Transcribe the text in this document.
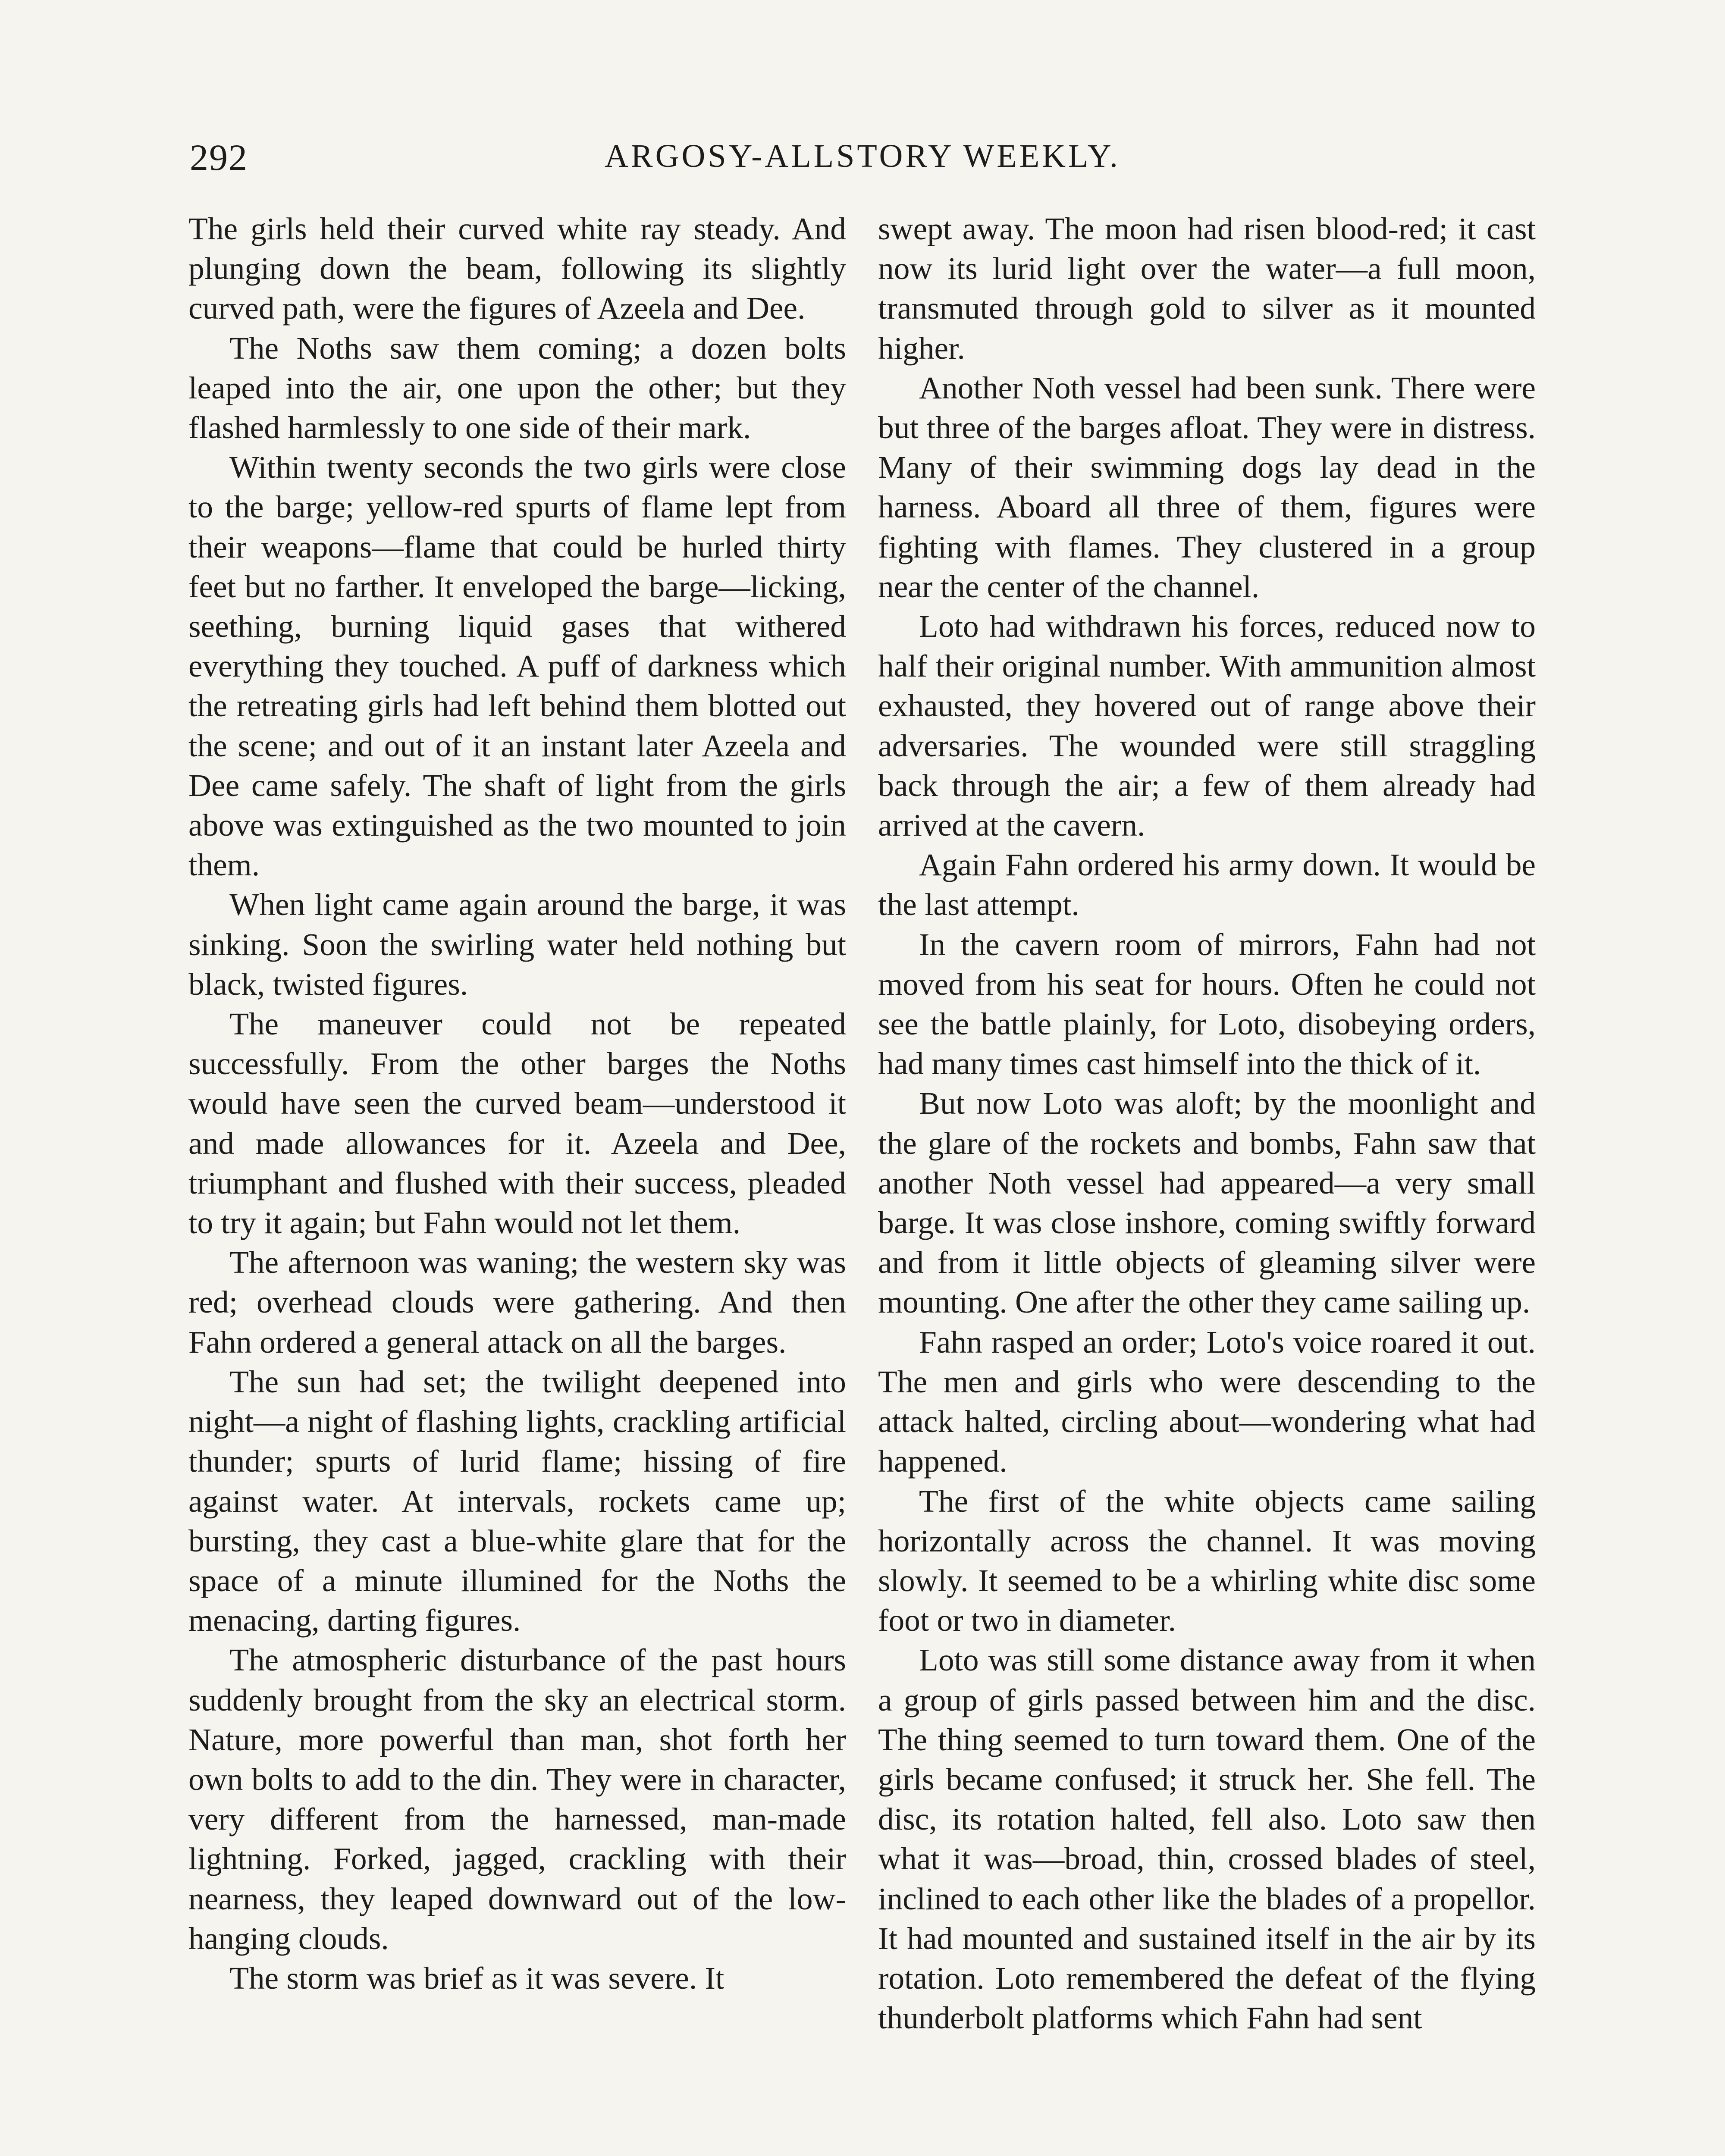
292	ARGOSY-ALLSTORY WEEKLY.

The girls held their curved white ray steady. And plunging down the beam, following its slightly curved path, were the figures of Azeela and Dee.

The Noths saw them coming; a dozen bolts leaped into the air, one upon the other; but they flashed harmlessly to one side of their mark.

Within twenty seconds the two girls were close to the barge; yellow-red spurts of flame lept from their weapons—flame that could be hurled thirty feet but no farther. It enveloped the barge—licking, seething, burning liquid gases that withered everything they touched. A puff of darkness which the retreating girls had left behind them blotted out the scene; and out of it an instant later Azeela and Dee came safely. The shaft of light from the girls above was extinguished as the two mounted to join them.

When light came again around the barge, it was sinking. Soon the swirling water held nothing but black, twisted figures.

The maneuver could not be repeated successfully. From the other barges the Noths would have seen the curved beam—understood it and made allowances for it. Azeela and Dee, triumphant and flushed with their success, pleaded to try it again; but Fahn would not let them.

The afternoon was waning; the western sky was red; overhead clouds were gathering. And then Fahn ordered a general attack on all the barges.

The sun had set; the twilight deepened into night—a night of flashing lights, crackling artificial thunder; spurts of lurid flame; hissing of fire against water. At intervals, rockets came up; bursting, they cast a blue-white glare that for the space of a minute illumined for the Noths the menacing, darting figures.

The atmospheric disturbance of the past hours suddenly brought from the sky an electrical storm. Nature, more powerful than man, shot forth her own bolts to add to the din. They were in character, very different from the harnessed, man-made lightning. Forked, jagged, crackling with their nearness, they leaped downward out of the low-hanging clouds.

The storm was brief as it was severe. It

swept away. The moon had risen blood-red; it cast now its lurid light over the water—a full moon, transmuted through gold to silver as it mounted higher.

Another Noth vessel had been sunk. There were but three of the barges afloat. They were in distress. Many of their swimming dogs lay dead in the harness. Aboard all three of them, figures were fighting with flames. They clustered in a group near the center of the channel.

Loto had withdrawn his forces, reduced now to half their original number. With ammunition almost exhausted, they hovered out of range above their adversaries. The wounded were still straggling back through the air; a few of them already had arrived at the cavern.

Again Fahn ordered his army down. It would be the last attempt.

In the cavern room of mirrors, Fahn had not moved from his seat for hours. Often he could not see the battle plainly, for Loto, disobeying orders, had many times cast himself into the thick of it.

But now Loto was aloft; by the moonlight and the glare of the rockets and bombs, Fahn saw that another Noth vessel had appeared—a very small barge. It was close inshore, coming swiftly forward and from it little objects of gleaming silver were mounting. One after the other they came sailing up.

Fahn rasped an order; Loto's voice roared it out. The men and girls who were descending to the attack halted, circling about—wondering what had happened.

The first of the white objects came sailing horizontally across the channel. It was moving slowly. It seemed to be a whirling white disc some foot or two in diameter.

Loto was still some distance away from it when a group of girls passed between him and the disc. The thing seemed to turn toward them. One of the girls became confused; it struck her. She fell. The disc, its rotation halted, fell also. Loto saw then what it was—broad, thin, crossed blades of steel, inclined to each other like the blades of a propellor. It had mounted and sustained itself in the air by its rotation. Loto remembered the defeat of the flying thunderbolt platforms which Fahn had sent
